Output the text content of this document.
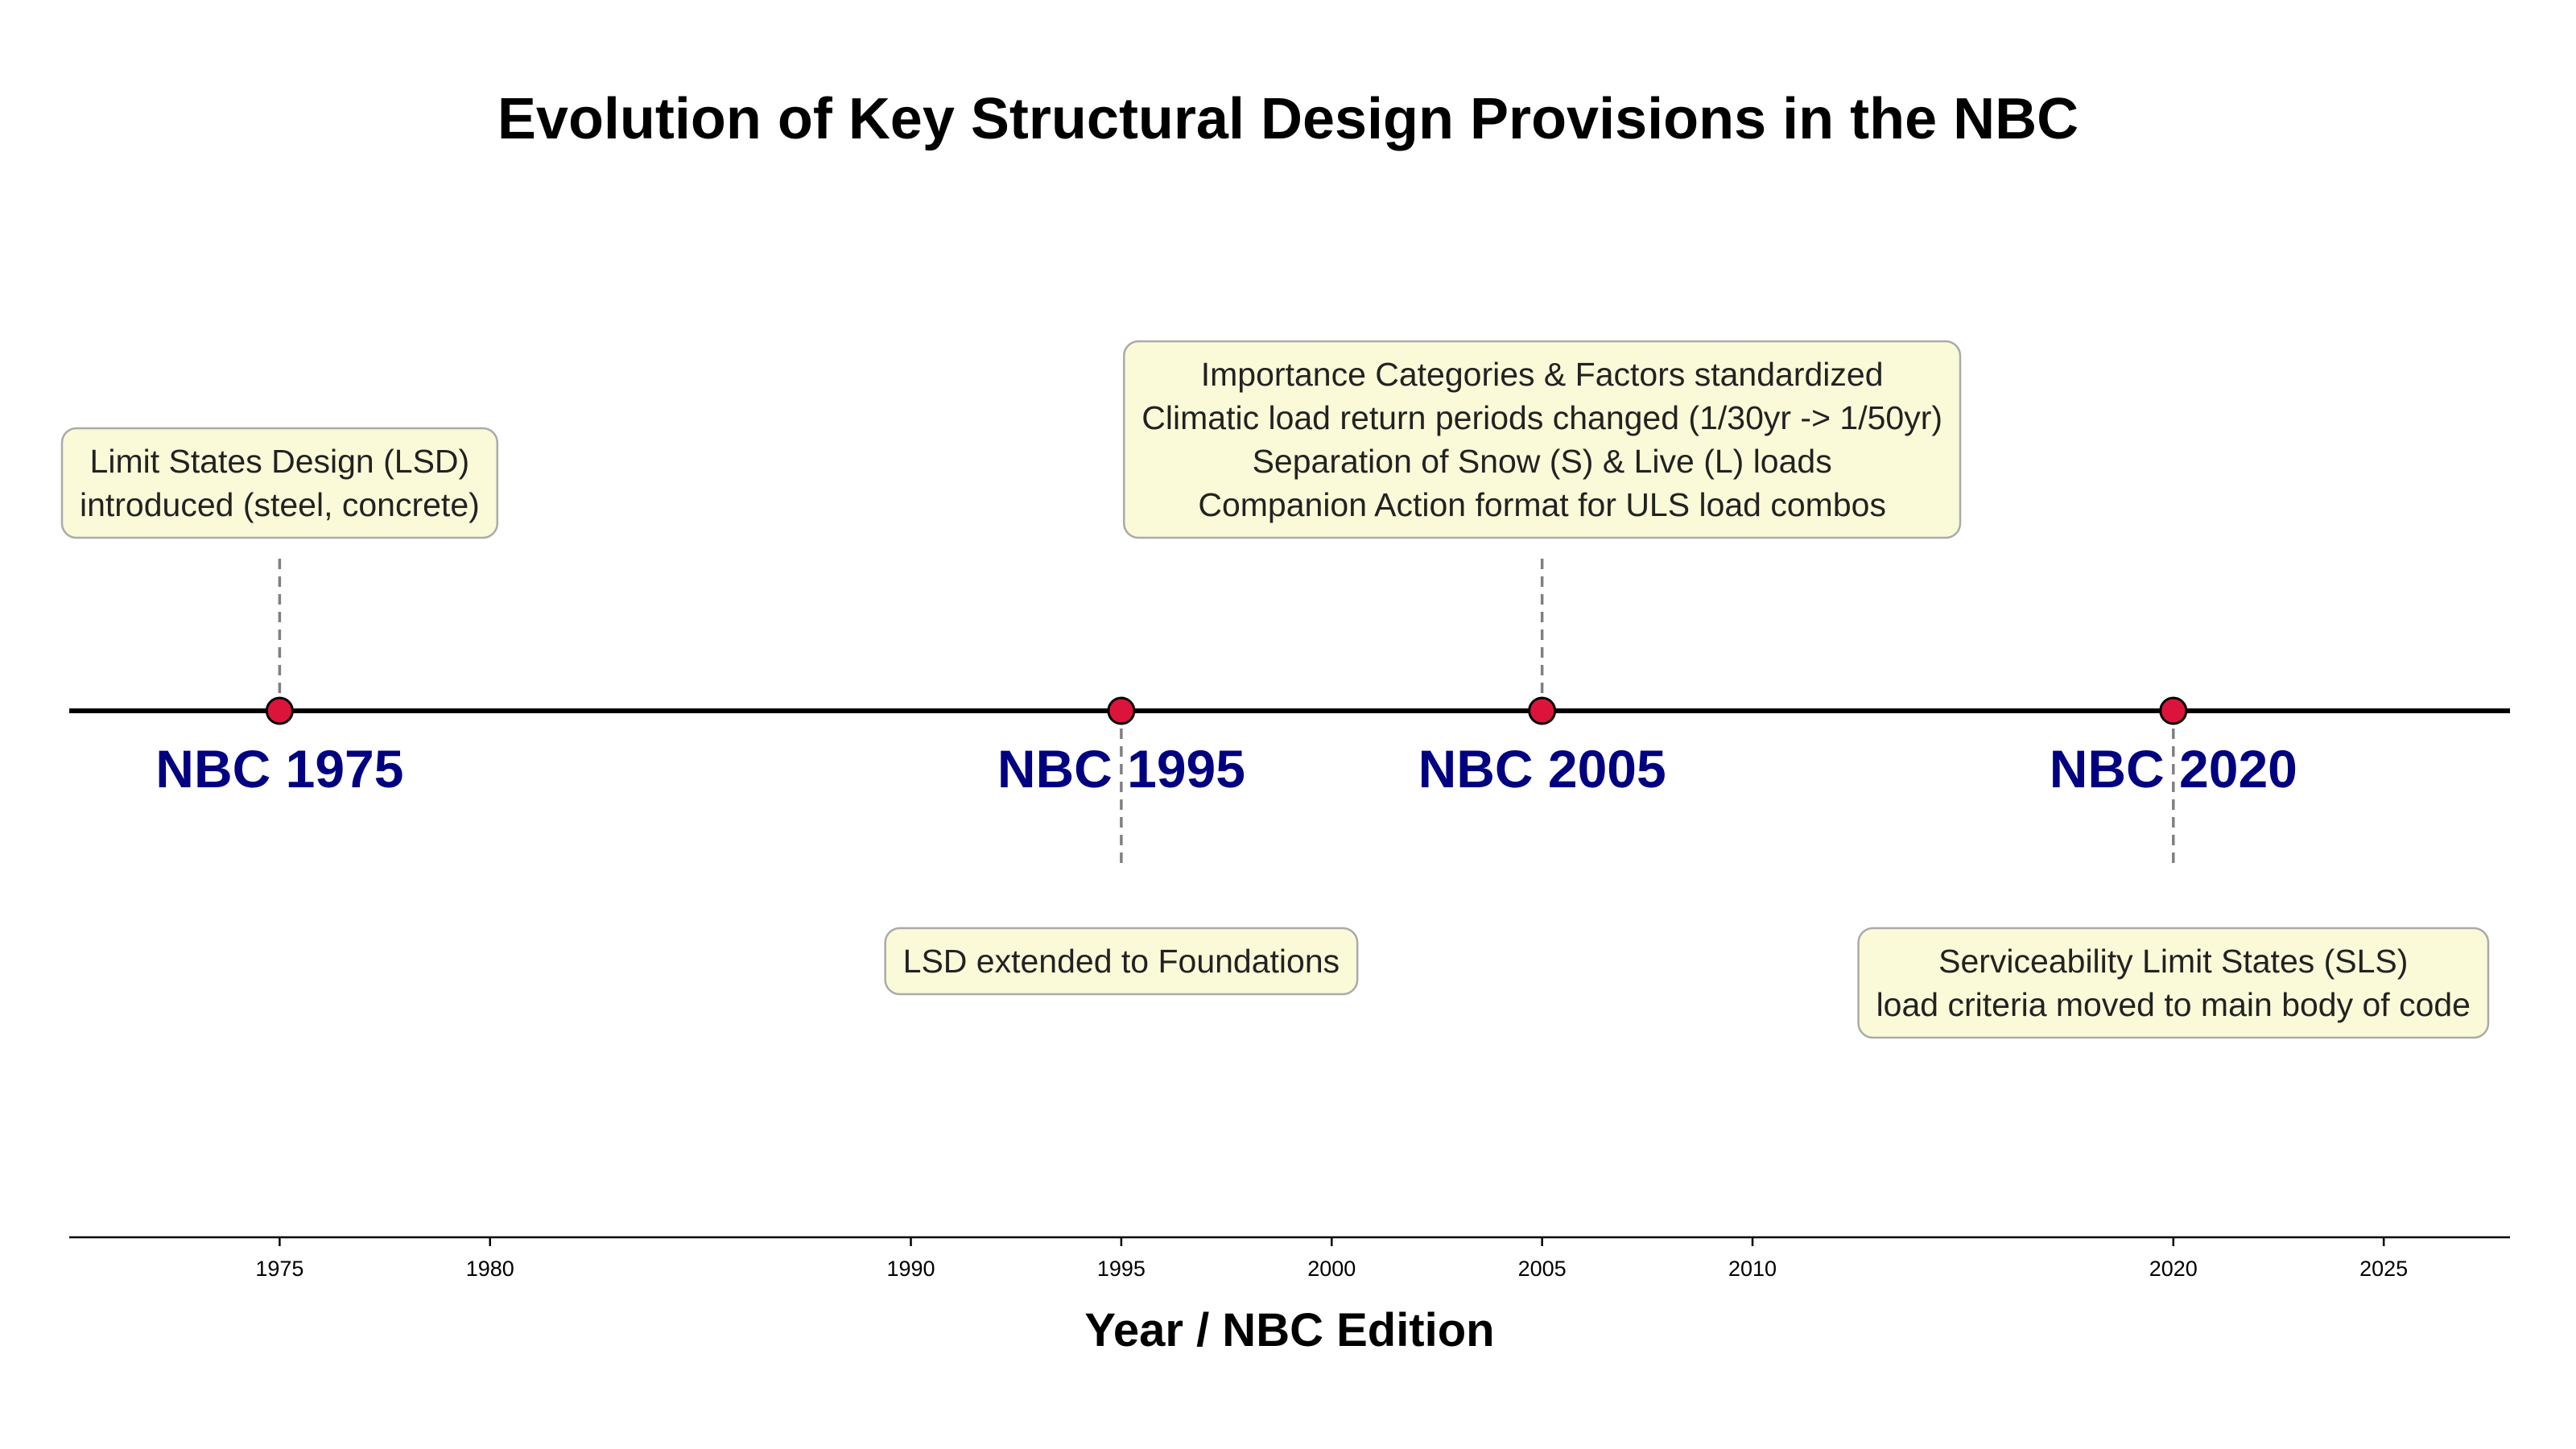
Evolution of Key Structural Design Provisions in the NBC
NBC 1975	NBC 1995	NBC 2005	NBC 2020
Limit States Design (LSD)
introduced (steel, concrete)
LSD extended to Foundations
Importance Categories & Factors standardized
Climatic load return periods changed (1/30yr -> 1/50yr)
Separation of Snow (S) & Live (L) loads
Companion Action format for ULS load combos
Serviceability Limit States (SLS)
load criteria moved to main body of code
1975	1980	1990	1995	2000	2005	2010	2020	2025
Year / NBC Edition
